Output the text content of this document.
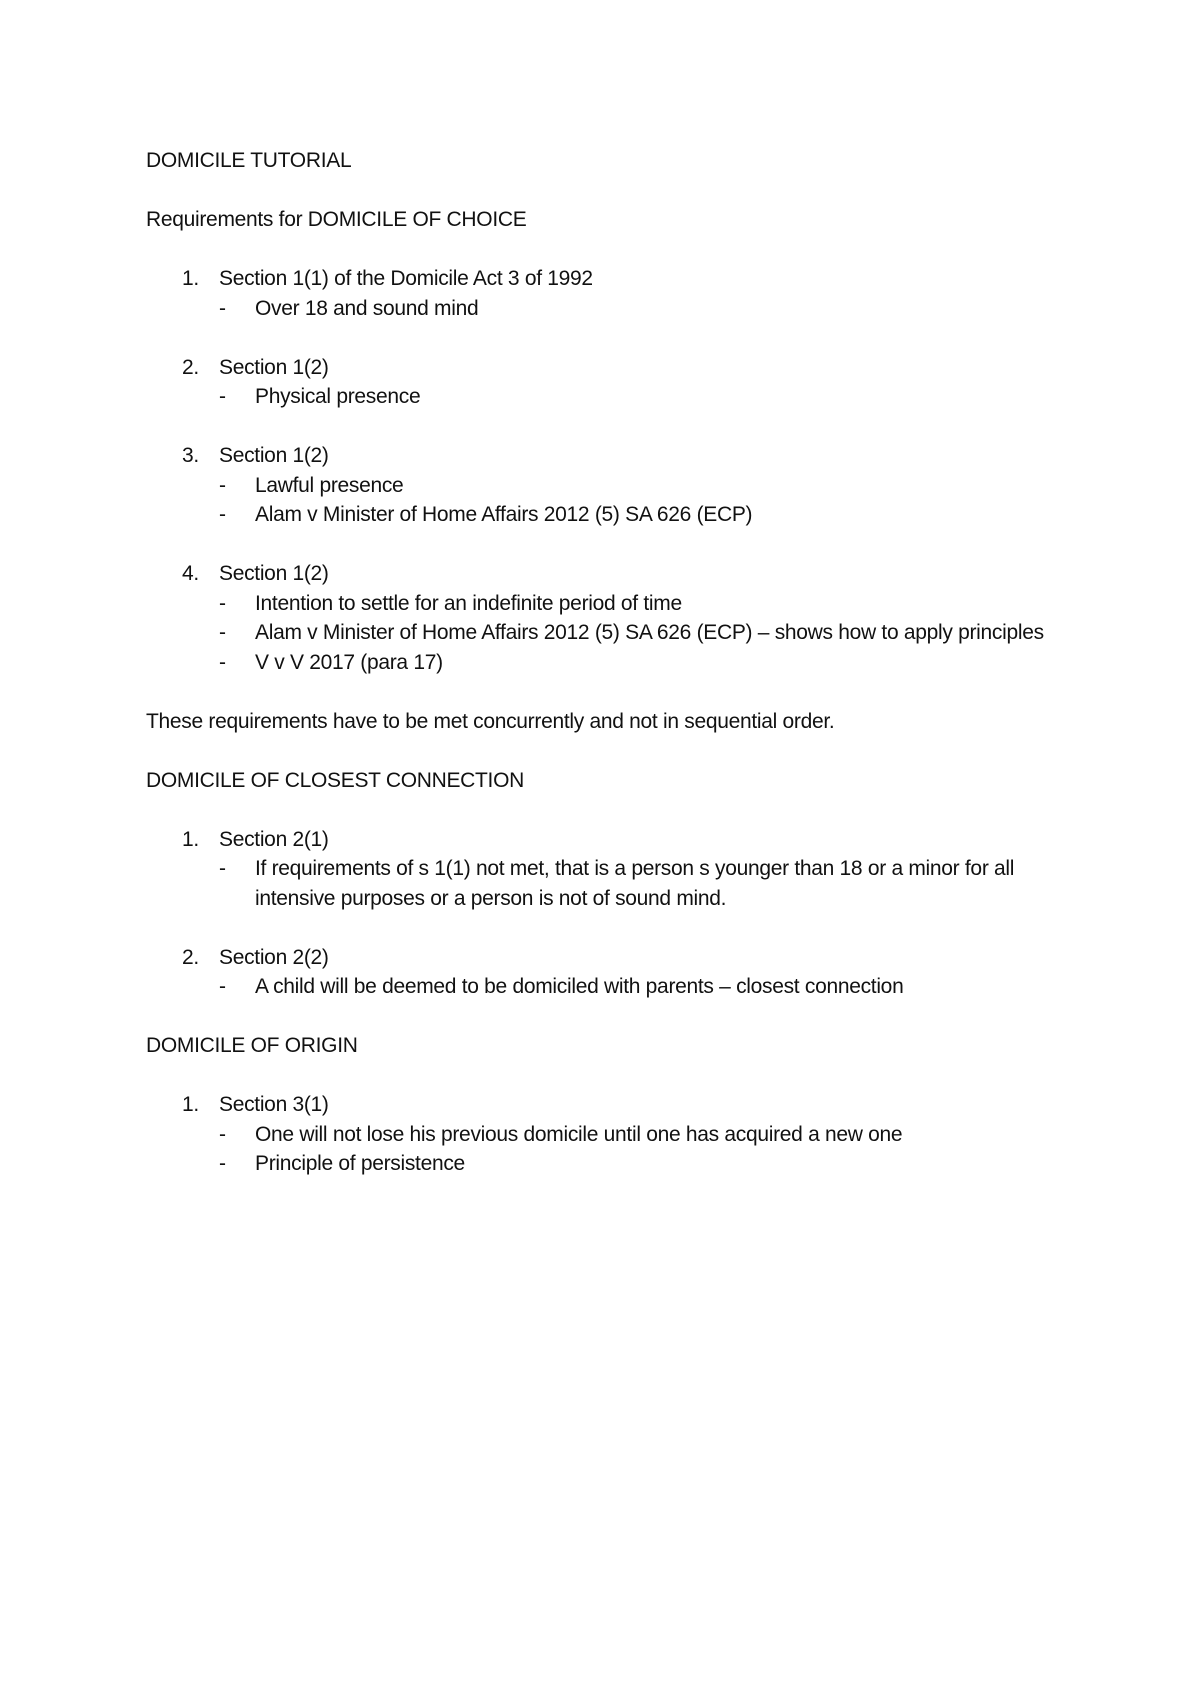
DOMICILE TUTORIAL

Requirements for DOMICILE OF CHOICE

1. Section 1(1) of the Domicile Act 3 of 1992
- Over 18 and sound mind
2. Section 1(2)
- Physical presence
3. Section 1(2)
- Lawful presence
- Alam v Minister of Home Affairs 2012 (5) SA 626 (ECP)
4. Section 1(2)
- Intention to settle for an indefinite period of time
- Alam v Minister of Home Affairs 2012 (5) SA 626 (ECP) – shows how to apply principles
- V v V 2017 (para 17)

These requirements have to be met concurrently and not in sequential order.

DOMICILE OF CLOSEST CONNECTION

1. Section 2(1)
- If requirements of s 1(1) not met, that is a person s younger than 18 or a minor for all intensive purposes or a person is not of sound mind.
2. Section 2(2)
- A child will be deemed to be domiciled with parents – closest connection

DOMICILE OF ORIGIN

1. Section 3(1)
- One will not lose his previous domicile until one has acquired a new one
- Principle of persistence
